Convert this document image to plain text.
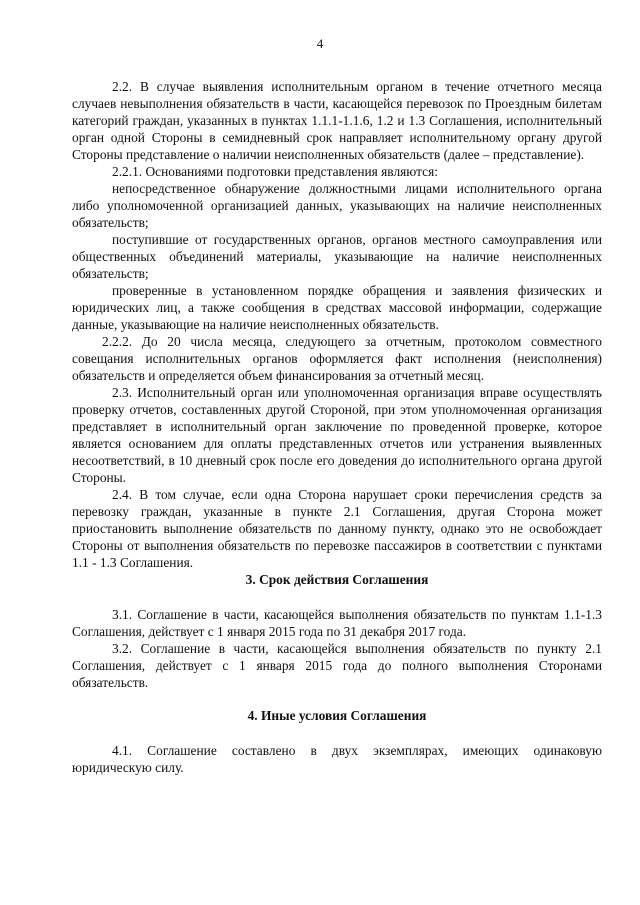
4

2.2. В случае выявления исполнительным органом в течение отчетного месяца случаев невыполнения обязательств в части, касающейся перевозок по Проездным билетам категорий граждан, указанных в пунктах 1.1.1-1.1.6, 1.2 и 1.3 Соглашения, исполнительный орган одной Стороны в семидневный срок направляет исполнительному органу другой Стороны представление о наличии неисполненных обязательств (далее – представление).

2.2.1. Основаниями подготовки представления являются:

непосредственное обнаружение должностными лицами исполнительного органа либо уполномоченной организацией данных, указывающих на наличие неисполненных обязательств;

поступившие от государственных органов, органов местного самоуправления или общественных объединений материалы, указывающие на наличие неисполненных обязательств;

проверенные в установленном порядке обращения и заявления физических и юридических лиц, а также сообщения в средствах массовой информации, содержащие данные, указывающие на наличие неисполненных обязательств.

2.2.2. До 20 числа месяца, следующего за отчетным, протоколом совместного совещания исполнительных органов оформляется факт исполнения (неисполнения) обязательств и определяется объем финансирования за отчетный месяц.

2.3. Исполнительный орган или уполномоченная организация вправе осуществлять проверку отчетов, составленных другой Стороной, при этом уполномоченная организация представляет в исполнительный орган заключение по проведенной проверке, которое является основанием для оплаты представленных отчетов или устранения выявленных несоответствий, в 10 дневный срок после его доведения до исполнительного органа другой Стороны.

2.4. В том случае, если одна Сторона нарушает сроки перечисления средств за перевозку граждан, указанные в пункте 2.1 Соглашения, другая Сторона может приостановить выполнение обязательств по данному пункту, однако это не освобождает Стороны от выполнения обязательств по перевозке пассажиров в соответствии с пунктами 1.1 - 1.3 Соглашения.

3. Срок действия Соглашения

3.1. Соглашение в части, касающейся выполнения обязательств по пунктам 1.1-1.3 Соглашения, действует с 1 января 2015 года по 31 декабря 2017 года.

3.2. Соглашение в части, касающейся выполнения обязательств по пункту 2.1 Соглашения, действует с 1 января 2015 года до полного выполнения Сторонами обязательств.

4. Иные условия Соглашения

4.1. Соглашение составлено в двух экземплярах, имеющих одинаковую юридическую силу.
